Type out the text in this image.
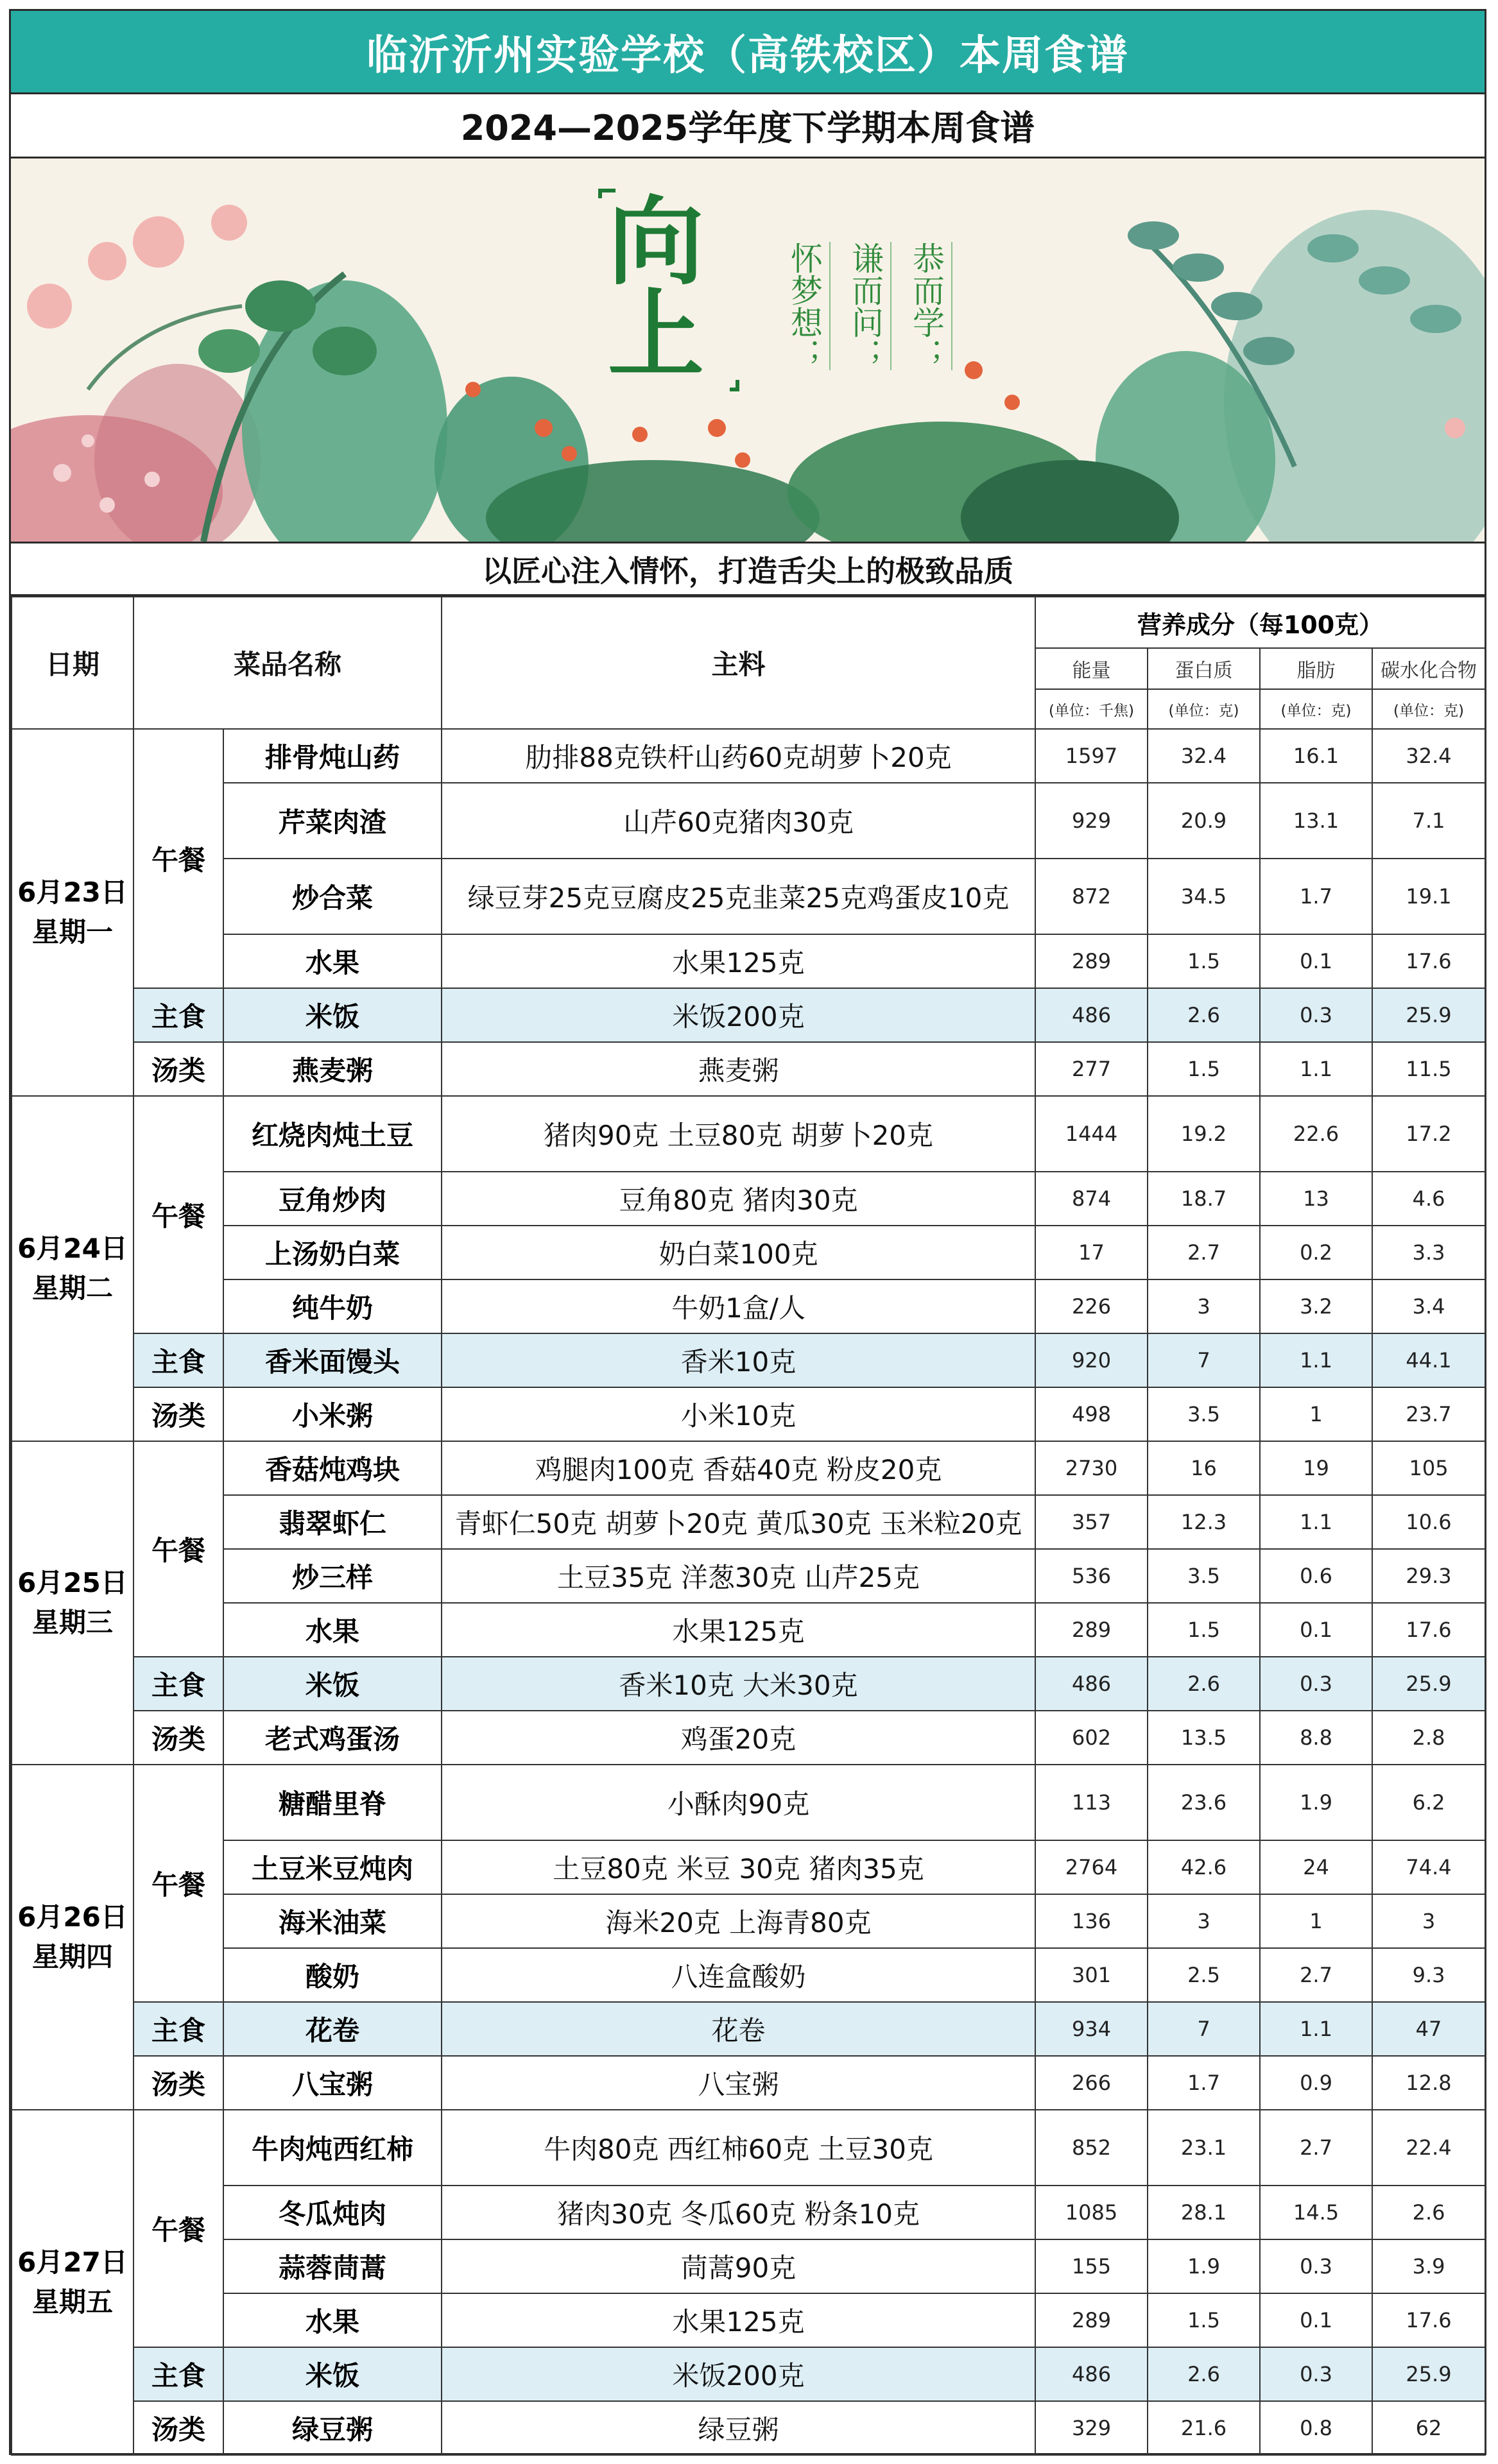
临沂沂州实验学校（高铁校区）本周食谱
2024—2025学年度下学期本周食谱
向
上	恭而学；
谦而问；
怀梦想；
以匠心注入情怀，打造舌尖上的极致品质
日期	菜品名称		主料	营养成分（每100克）			
				能量	蛋白质	脂肪	碳水化合物
				(单位：千焦)	(单位：克)	(单位：克)	(单位：克)

6月23日
星期一	午餐	排骨炖山药	肋排88克铁杆山药60克胡萝卜20克	1597	32.4	16.1	32.4
		芹菜肉渣	山芹60克猪肉30克	929	20.9	13.1	7.1
		炒合菜	绿豆芽25克豆腐皮25克韭菜25克鸡蛋皮10克	872	34.5	1.7	19.1
		水果	水果125克	289	1.5	0.1	17.6
	主食	米饭	米饭200克	486	2.6	0.3	25.9
	汤类	燕麦粥	燕麦粥	277	1.5	1.1	11.5

6月24日
星期二	午餐	红烧肉炖土豆	猪肉90克 土豆80克 胡萝卜20克	1444	19.2	22.6	17.2
		豆角炒肉	豆角80克 猪肉30克	874	18.7	13	4.6
		上汤奶白菜	奶白菜100克	17	2.7	0.2	3.3
		纯牛奶	牛奶1盒/人	226	3	3.2	3.4
	主食	香米面馒头	香米10克	920	7	1.1	44.1
	汤类	小米粥	小米10克	498	3.5	1	23.7

6月25日
星期三	午餐	香菇炖鸡块	鸡腿肉100克 香菇40克 粉皮20克	2730	16	19	105
		翡翠虾仁	青虾仁50克 胡萝卜20克 黄瓜30克 玉米粒20克	357	12.3	1.1	10.6
		炒三样	土豆35克 洋葱30克 山芹25克	536	3.5	0.6	29.3
		水果	水果125克	289	1.5	0.1	17.6
	主食	米饭	香米10克 大米30克	486	2.6	0.3	25.9
	汤类	老式鸡蛋汤	鸡蛋20克	602	13.5	8.8	2.8

6月26日
星期四	午餐	糖醋里脊	小酥肉90克	113	23.6	1.9	6.2
		土豆米豆炖肉	土豆80克 米豆 30克 猪肉35克	2764	42.6	24	74.4
		海米油菜	海米20克 上海青80克	136	3	1	3
		酸奶	八连盒酸奶	301	2.5	2.7	9.3
	主食	花卷	花卷	934	7	1.1	47
	汤类	八宝粥	八宝粥	266	1.7	0.9	12.8

6月27日
星期五	午餐	牛肉炖西红柿	牛肉80克 西红柿60克 土豆30克	852	23.1	2.7	22.4
		冬瓜炖肉	猪肉30克 冬瓜60克 粉条10克	1085	28.1	14.5	2.6
		蒜蓉茼蒿	茼蒿90克	155	1.9	0.3	3.9
		水果	水果125克	289	1.5	0.1	17.6
	主食	米饭	米饭200克	486	2.6	0.3	25.9
	汤类	绿豆粥	绿豆粥	329	21.6	0.8	62
